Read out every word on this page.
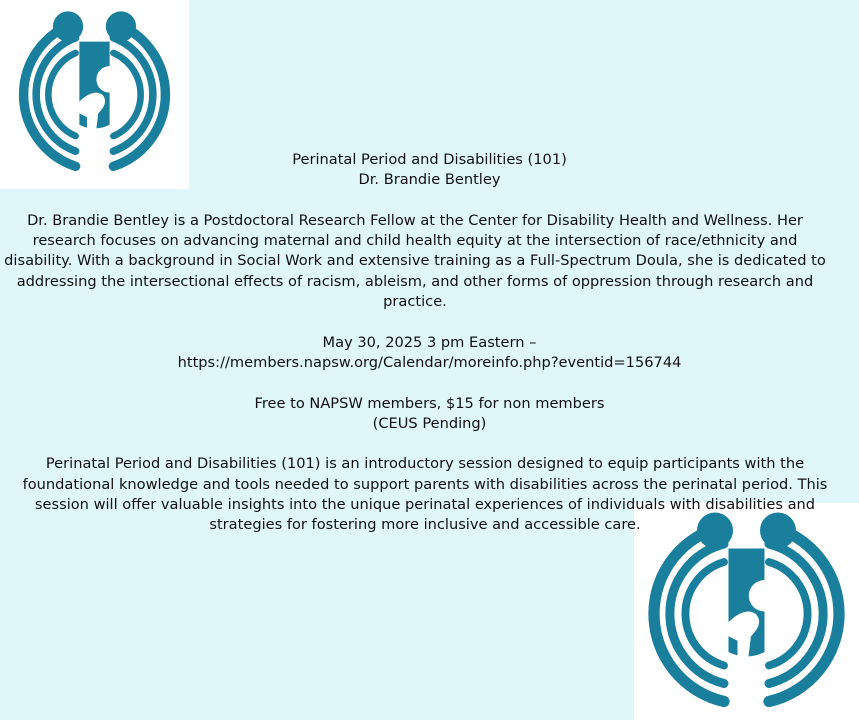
Perinatal Period and Disabilities (101)

Dr. Brandie Bentley

Dr. Brandie Bentley is a Postdoctoral Research Fellow at the Center for Disability Health and Wellness. Her research focuses on advancing maternal and child health equity at the intersection of race/ethnicity and disability. With a background in Social Work and extensive training as a Full-Spectrum Doula, she is dedicated to addressing the intersectional effects of racism, ableism, and other forms of oppression through research and practice.

May 30, 2025 3 pm Eastern –

https://members.napsw.org/Calendar/moreinfo.php?eventid=156744

Free to NAPSW members, $15 for non members

(CEUS Pending)

Perinatal Period and Disabilities (101) is an introductory session designed to equip participants with the foundational knowledge and tools needed to support parents with disabilities across the perinatal period. This session will offer valuable insights into the unique perinatal experiences of individuals with disabilities and strategies for fostering more inclusive and accessible care.
